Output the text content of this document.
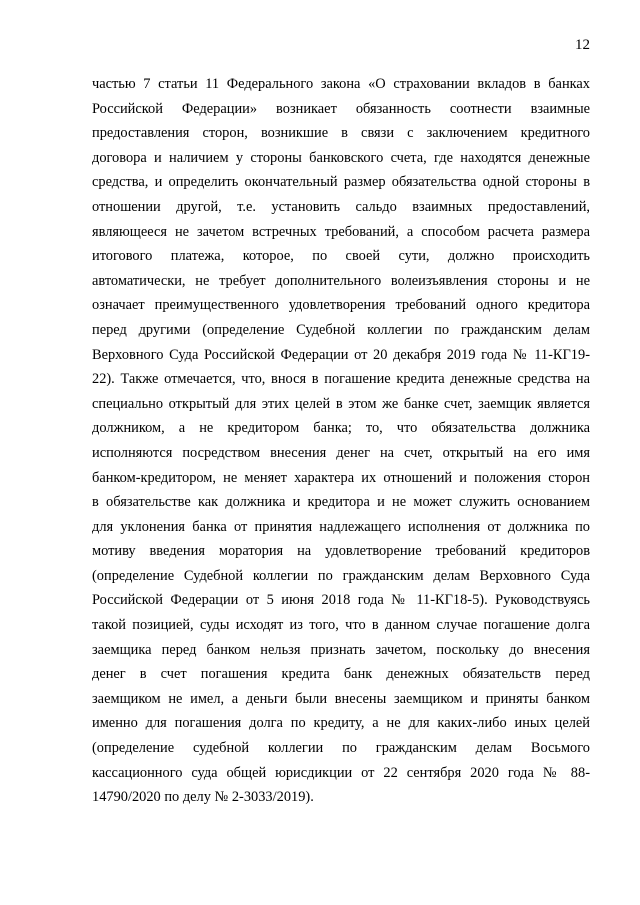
12
частью 7 статьи 11 Федерального закона «О страховании вкладов в банках
Российской Федерации» возникает обязанность соотнести взаимные
предоставления сторон, возникшие в связи с заключением кредитного
договора и наличием у стороны банковского счета, где находятся денежные
средства, и определить окончательный размер обязательства одной стороны в
отношении другой, т.е. установить сальдо взаимных предоставлений,
являющееся не зачетом встречных требований, а способом расчета размера
итогового платежа, которое, по своей сути, должно происходить
автоматически, не требует дополнительного волеизъявления стороны и не
означает преимущественного удовлетворения требований одного кредитора
перед другими (определение Судебной коллегии по гражданским делам
Верховного Суда Российской Федерации от 20 декабря 2019 года № 11-КГ19-
22). Также отмечается, что, внося в погашение кредита денежные средства на
специально открытый для этих целей в этом же банке счет, заемщик является
должником, а не кредитором банка; то, что обязательства должника
исполняются посредством внесения денег на счет, открытый на его имя
банком-кредитором, не меняет характера их отношений и положения сторон
в обязательстве как должника и кредитора и не может служить основанием
для уклонения банка от принятия надлежащего исполнения от должника по
мотиву введения моратория на удовлетворение требований кредиторов
(определение Судебной коллегии по гражданским делам Верховного Суда
Российской Федерации от 5 июня 2018 года № 11-КГ18-5). Руководствуясь
такой позицией, суды исходят из того, что в данном случае погашение долга
заемщика перед банком нельзя признать зачетом, поскольку до внесения
денег в счет погашения кредита банк денежных обязательств перед
заемщиком не имел, а деньги были внесены заемщиком и приняты банком
именно для погашения долга по кредиту, а не для каких-либо иных целей
(определение судебной коллегии по гражданским делам Восьмого
кассационного суда общей юрисдикции от 22 сентября 2020 года № 88-
14790/2020 по делу № 2-3033/2019).
